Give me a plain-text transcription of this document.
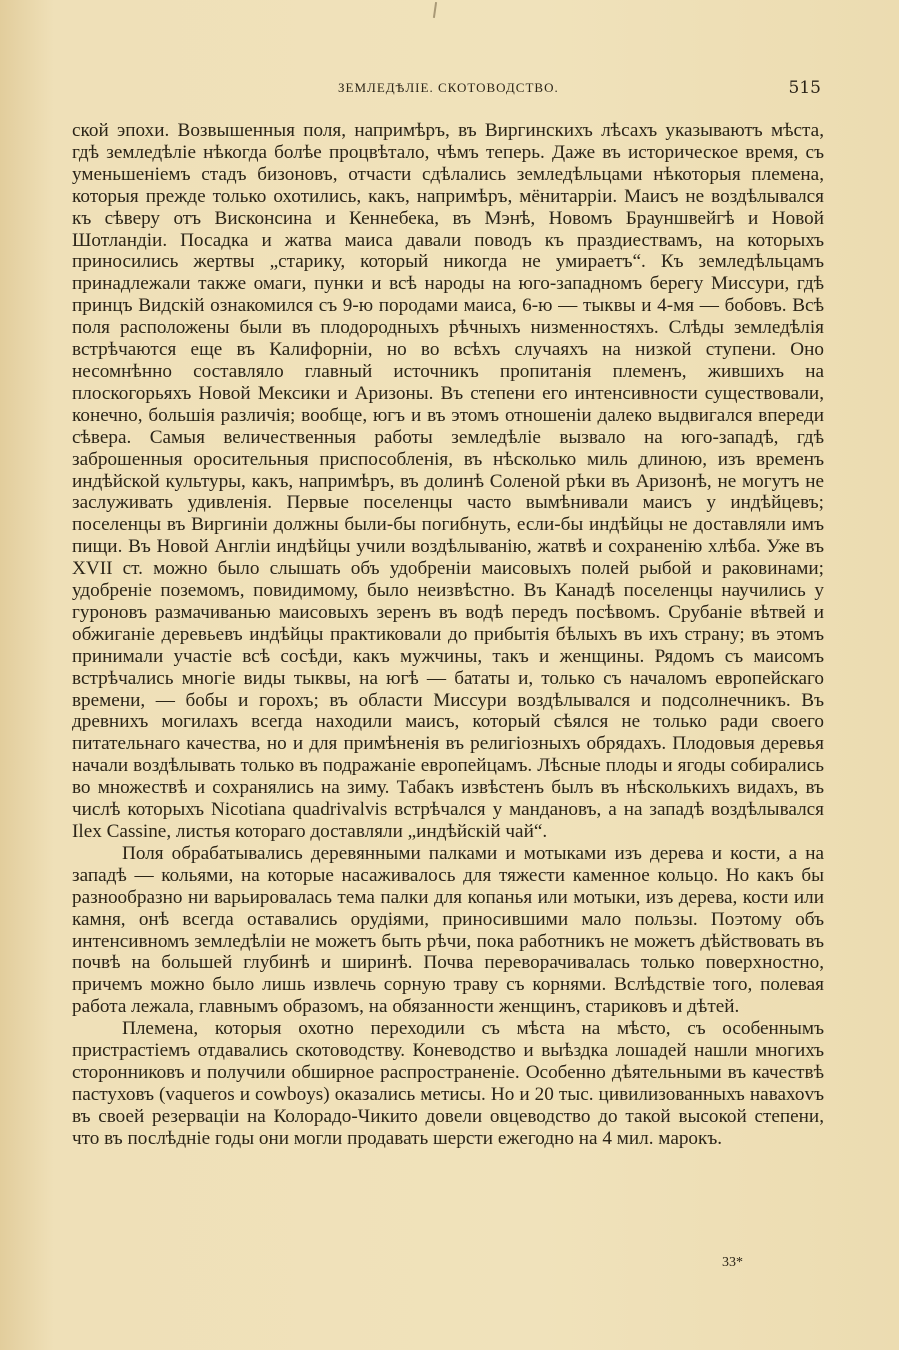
ЗЕМЛЕДѢЛІЕ. СКОТОВОДСТВО.	515

ской эпохи. Возвышенныя поля, напримѣръ, въ Виргинскихъ лѣсахъ указываютъ мѣста, гдѣ земледѣліе нѣкогда болѣе процвѣтало, чѣмъ теперь. Даже въ историческое время, съ уменьшеніемъ стадъ бизоновъ, отчасти сдѣлались земледѣльцами нѣкоторыя племена, которыя прежде только охотились, какъ, напримѣръ, мёнитарріи. Маисъ не воздѣлывался къ сѣверу отъ Висконсина и Кеннебека, въ Мэнѣ, Новомъ Брауншвейгѣ и Новой Шотландіи. Посадка и жатва маиса давали поводъ къ праздиествамъ, на которыхъ приносились жертвы „старику, который никогда не умираетъ“. Къ земледѣльцамъ принадлежали также омаги, пунки и всѣ народы на юго-западномъ берегу Миссури, гдѣ принцъ Видскій ознакомился съ 9-ю породами маиса, 6-ю — тыквы и 4-мя — бобовъ. Всѣ поля расположены были въ плодородныхъ рѣчныхъ низменностяхъ. Слѣды земледѣлія встрѣчаются еще въ Калифорніи, но во всѣхъ случаяхъ на низкой ступени. Оно несомнѣнно составляло главный источникъ пропитанія племенъ, жившихъ на плоскогорьяхъ Новой Мексики и Аризоны. Въ степени его интенсивности существовали, конечно, большія различія; вообще, югъ и въ этомъ отношеніи далеко выдвигался впереди сѣвера. Самыя величественныя работы земледѣліе вызвало на юго-западѣ, гдѣ заброшенныя оросительныя приспособленія, въ нѣсколько миль длиною, изъ временъ индѣйской культуры, какъ, напримѣръ, въ долинѣ Соленой рѣки въ Аризонѣ, не могутъ не заслуживать удивленія. Первые поселенцы часто вымѣнивали маисъ у индѣйцевъ; поселенцы въ Виргиніи должны были-бы погибнуть, если-бы индѣйцы не доставляли имъ пищи. Въ Новой Англіи индѣйцы учили воздѣлыванію, жатвѣ и сохраненію хлѣба. Уже въ XVII ст. можно было слышать объ удобреніи маисовыхъ полей рыбой и раковинами; удобреніе поземомъ, повидимому, было неизвѣстно. Въ Канадѣ поселенцы научились у гуроновъ размачиванью маисовыхъ зеренъ въ водѣ передъ посѣвомъ. Срубаніе вѣтвей и обжиганіе деревьевъ индѣйцы практиковали до прибытія бѣлыхъ въ ихъ страну; въ этомъ принимали участіе всѣ сосѣди, какъ мужчины, такъ и женщины. Рядомъ съ маисомъ встрѣчались многіе виды тыквы, на югѣ — бататы и, только съ началомъ европейскаго времени, — бобы и горохъ; въ области Миссури воздѣлывался и подсолнечникъ. Въ древнихъ могилахъ всегда находили маисъ, который сѣялся не только ради своего питательнаго качества, но и для примѣненія въ религіозныхъ обрядахъ. Плодовыя деревья начали воздѣлывать только въ подражаніе европейцамъ. Лѣсные плоды и ягоды собирались во множествѣ и сохранялись на зиму. Табакъ извѣстенъ былъ въ нѣсколькихъ видахъ, въ числѣ которыхъ Nicotiana quadrivalvis встрѣчался у манданoвъ, а на западѣ воздѣлывался Ilex Cassine, листья котораго доставляли „индѣйскій чай“.

Поля обрабатывались деревянными палками и мотыками изъ дерева и кости, а на западѣ — кольями, на которые насаживалось для тяжести каменное кольцо. Но какъ бы разнообразно ни варьировалась тема палки для копанья или мотыки, изъ дерева, кости или камня, онѣ всегда оставались орудіями, приносившими мало пользы. Поэтому объ интенсивномъ земледѣліи не можетъ быть рѣчи, пока работникъ не можетъ дѣйствовать въ почвѣ на большей глубинѣ и ширинѣ. Почва переворачивалась только поверхностно, причемъ можно было лишь извлечь сорную траву съ корнями. Вслѣдствіе того, полевая работа лежала, главнымъ образомъ, на обязанности женщинъ, стариковъ и дѣтей.

Племена, которыя охотно переходили съ мѣста на мѣсто, съ особеннымъ пристрастіемъ отдавались скотоводству. Коневодство и выѣздка лошадей нашли многихъ сторонниковъ и получили обширное распространеніе. Особенно дѣятельными въ качествѣ пастуховъ (vaqueros и cowboys) оказались метисы. Но и 20 тыс. цивилизованныхъ навахоvъ въ своей резерваціи на Колорадо-Чикито довели овцеводство до такой высокой степени, что въ послѣдніе годы они могли продавать шерсти ежегодно на 4 мил. марокъ.

33*
